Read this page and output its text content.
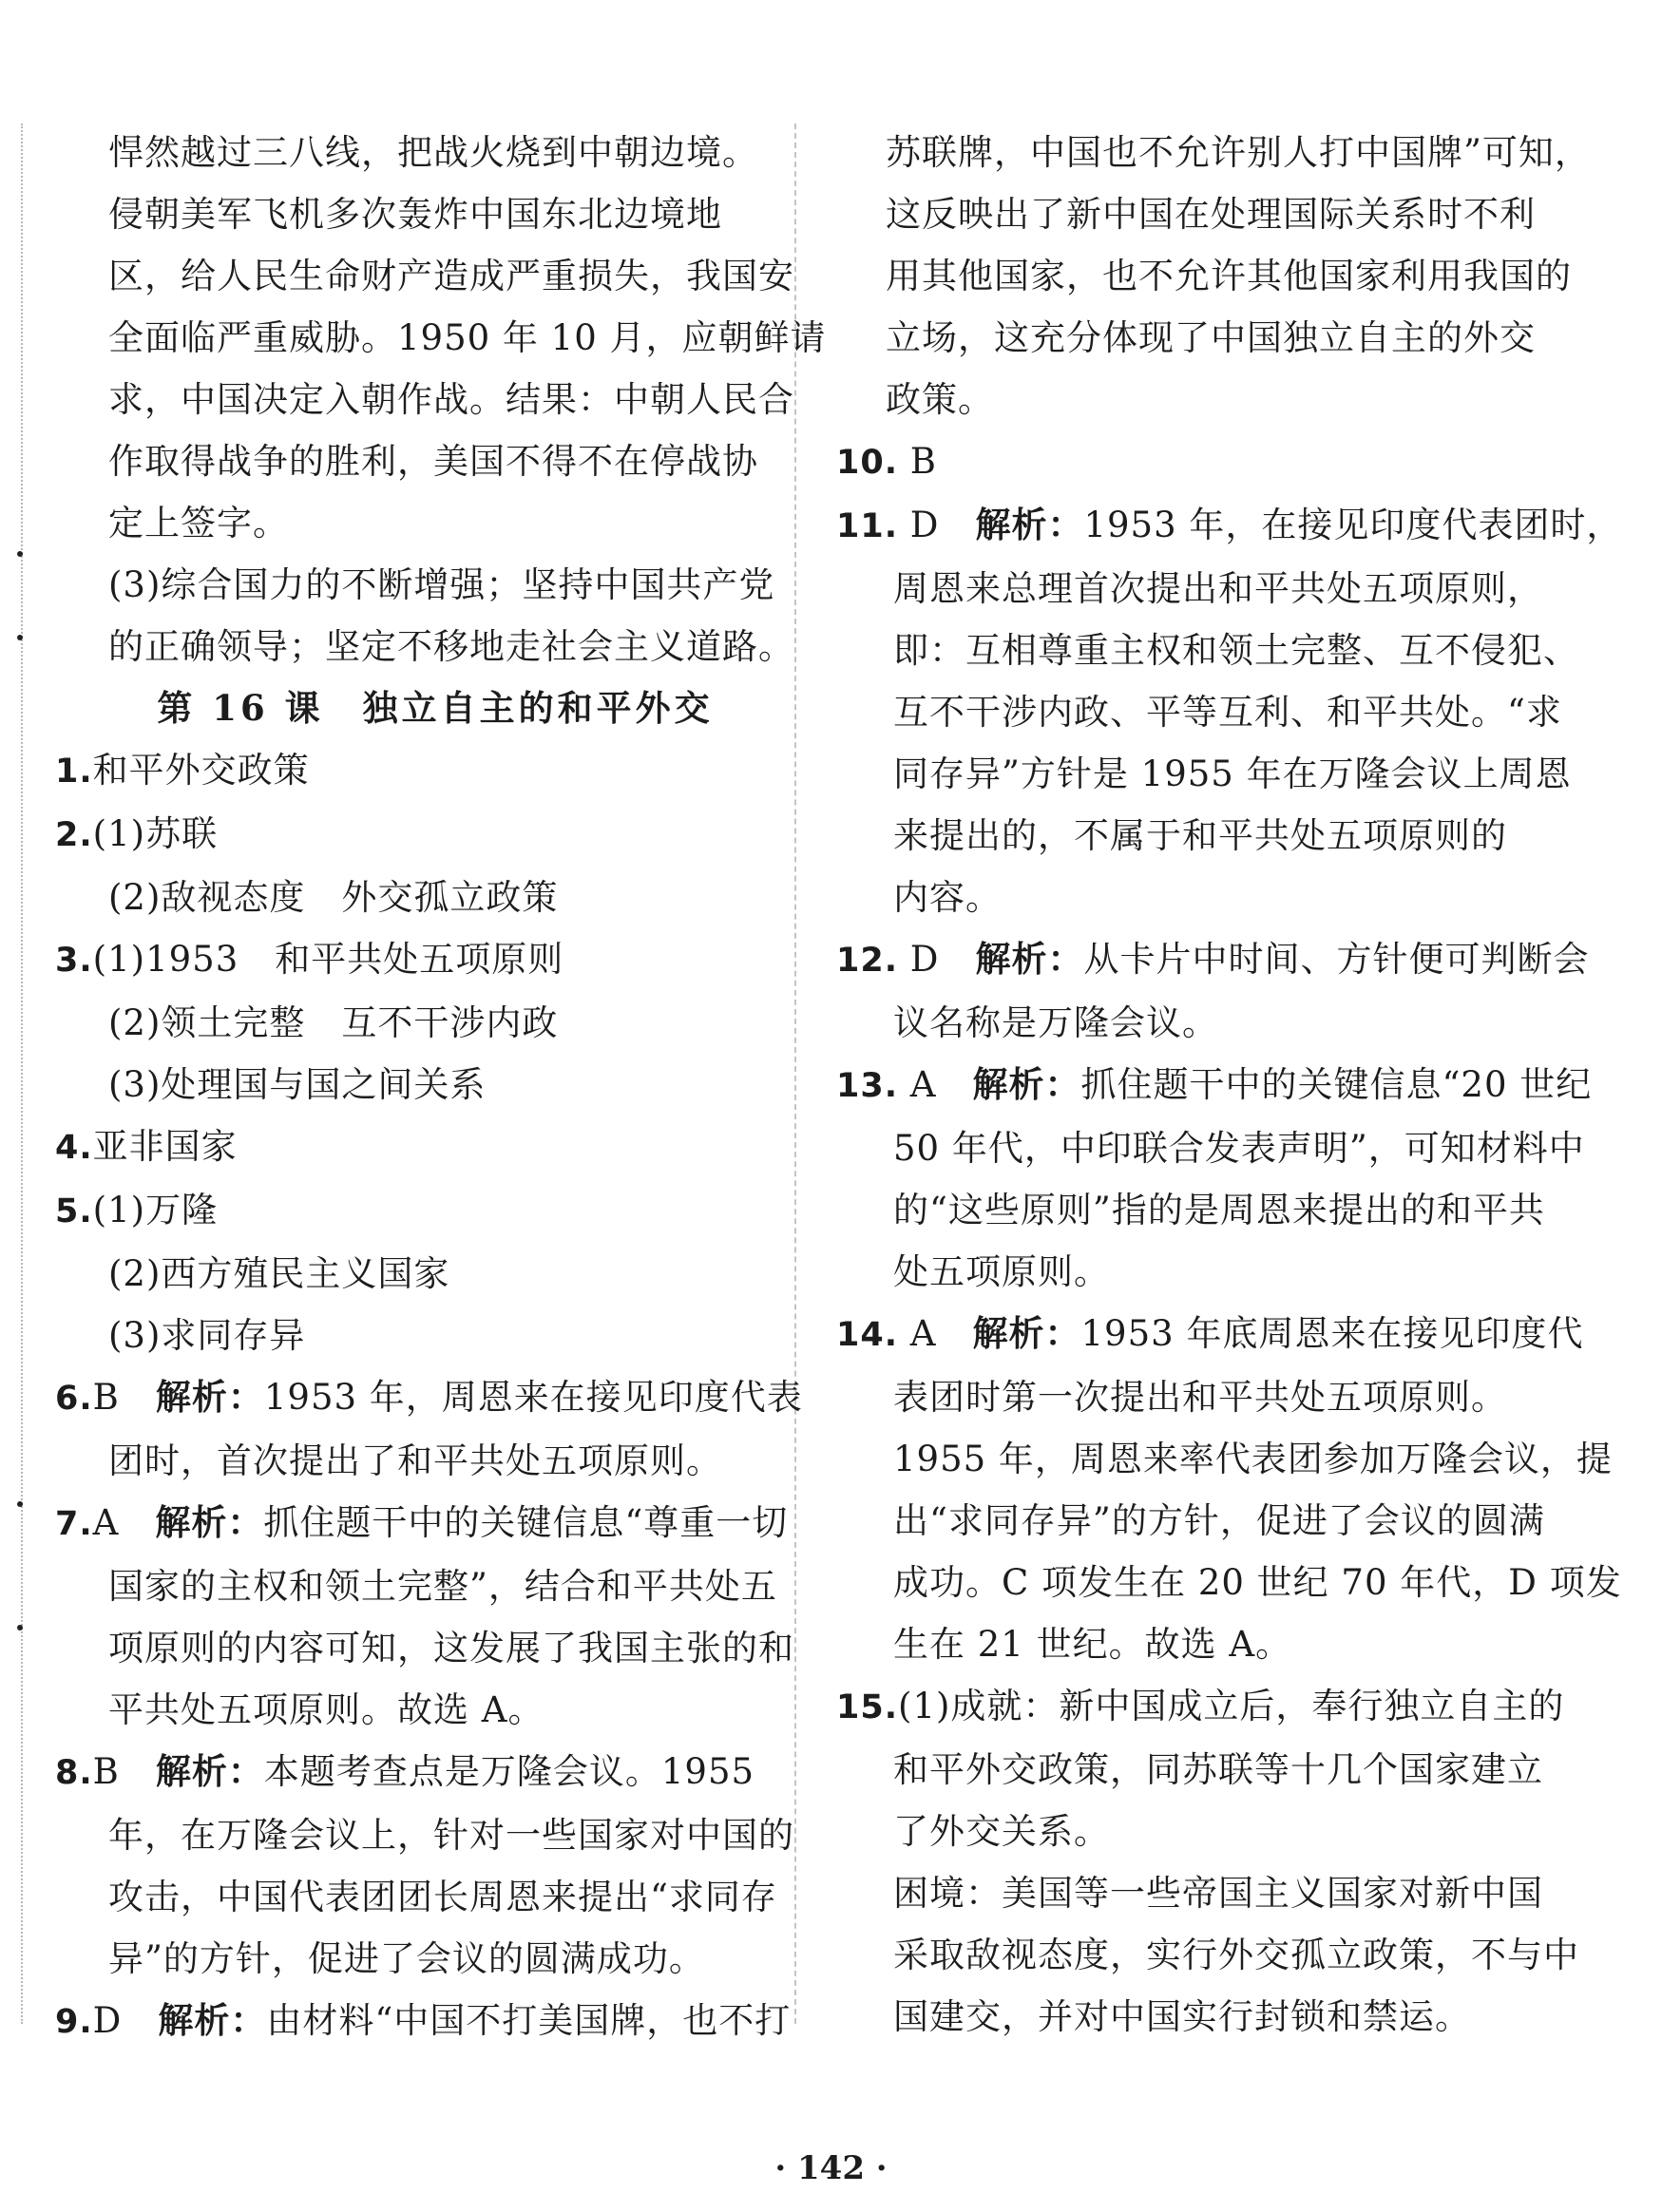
悍然越过三八线，把战火烧到中朝边境。
侵朝美军飞机多次轰炸中国东北边境地
区，给人民生命财产造成严重损失，我国安
全面临严重威胁。1950 年 10 月，应朝鲜请
求，中国决定入朝作战。结果：中朝人民合
作取得战争的胜利，美国不得不在停战协
定上签字。
(3)综合国力的不断增强；坚持中国共产党
的正确领导；坚定不移地走社会主义道路。
第 16 课　独立自主的和平外交
1.和平外交政策
2.(1)苏联
(2)敌视态度　外交孤立政策
3.(1)1953　和平共处五项原则
(2)领土完整　互不干涉内政
(3)处理国与国之间关系
4.亚非国家
5.(1)万隆
(2)西方殖民主义国家
(3)求同存异
6.B　 解析：1953 年，周恩来在接见印度代表
团时，首次提出了和平共处五项原则。
7.A　 解析：抓住题干中的关键信息“尊重一切
国家的主权和领土完整”，结合和平共处五
项原则的内容可知，这发展了我国主张的和
平共处五项原则。故选 A。
8.B　 解析：本题考查点是万隆会议。1955
年，在万隆会议上，针对一些国家对中国的
攻击，中国代表团团长周恩来提出“求同存
异”的方针，促进了会议的圆满成功。
9.D　 解析：由材料“中国不打美国牌，也不打
苏联牌，中国也不允许别人打中国牌”可知，
这反映出了新中国在处理国际关系时不利
用其他国家，也不允许其他国家利用我国的
立场，这充分体现了中国独立自主的外交
政策。
10. B
11. D　 解析：1953 年，在接见印度代表团时，
周恩来总理首次提出和平共处五项原则，
即：互相尊重主权和领土完整、互不侵犯、
互不干涉内政、平等互利、和平共处。“求
同存异”方针是 1955 年在万隆会议上周恩
来提出的，不属于和平共处五项原则的
内容。
12. D　 解析：从卡片中时间、方针便可判断会
议名称是万隆会议。
13. A　 解析：抓住题干中的关键信息“20 世纪
50 年代，中印联合发表声明”，可知材料中
的“这些原则”指的是周恩来提出的和平共
处五项原则。
14. A　 解析：1953 年底周恩来在接见印度代
表团时第一次提出和平共处五项原则。
1955 年，周恩来率代表团参加万隆会议，提
出“求同存异”的方针，促进了会议的圆满
成功。C 项发生在 20 世纪 70 年代，D 项发
生在 21 世纪。故选 A。
15.(1)成就：新中国成立后，奉行独立自主的
和平外交政策，同苏联等十几个国家建立
了外交关系。
困境：美国等一些帝国主义国家对新中国
采取敌视态度，实行外交孤立政策，不与中
国建交，并对中国实行封锁和禁运。
· 142 ·
